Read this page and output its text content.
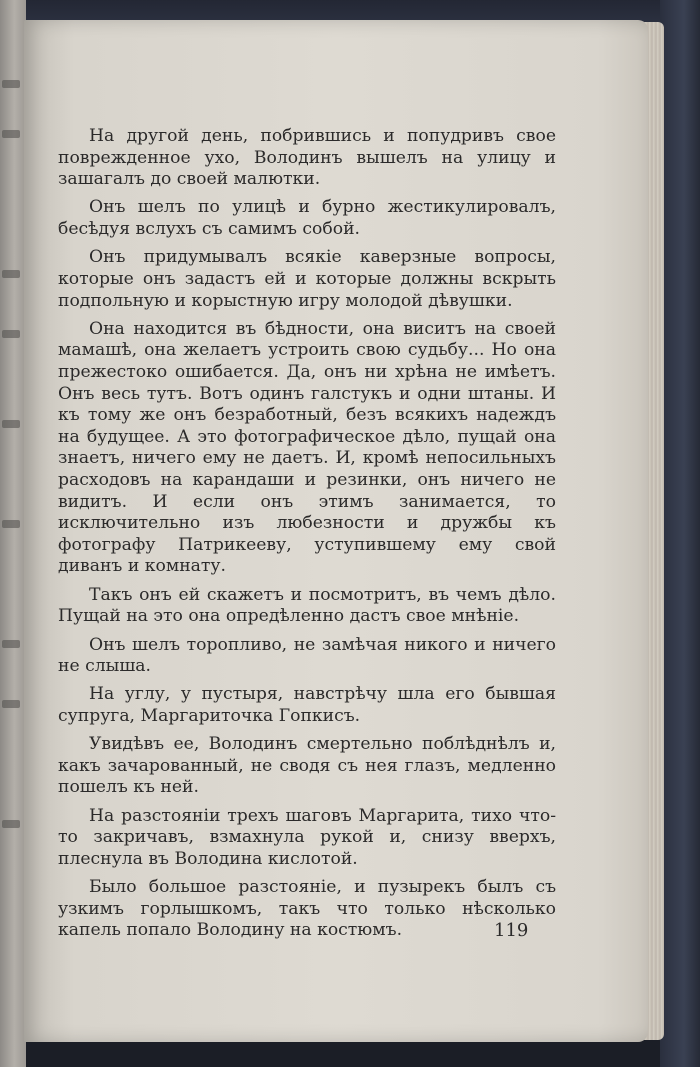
На другой день, побрившись и попудривъ свое поврежденное ухо, Володинъ вышелъ на улицу и зашагалъ до своей малютки.

Онъ шелъ по улицѣ и бурно жестикулировалъ, бесѣдуя вслухъ съ самимъ собой.

Онъ придумывалъ всякіе каверзные вопросы, которые онъ задастъ ей и которые должны вскрыть подпольную и корыстную игру молодой дѣвушки.

Она находится въ бѣдности, она виситъ на своей мамашѣ, она желаетъ устроить свою судьбу... Но она прежестоко ошибается. Да, онъ ни хрѣна не имѣетъ. Онъ весь тутъ. Вотъ одинъ галстукъ и одни штаны. И къ тому же онъ безработный, безъ всякихъ надеждъ на будущее. А это фотографическое дѣло, пущай она знаетъ, ничего ему не даетъ. И, кромѣ непосильныхъ расходовъ на карандаши и резинки, онъ ничего не видитъ. И если онъ этимъ занимается, то исключительно изъ любезности и дружбы къ фотографу Патрикееву, уступившему ему свой диванъ и комнату.

Такъ онъ ей скажетъ и посмотритъ, въ чемъ дѣло. Пущай на это она опредѣленно дастъ свое мнѣніе.

Онъ шелъ торопливо, не замѣчая никого и ничего не слыша.

На углу, у пустыря, навстрѣчу шла его бывшая супруга, Маргариточка Гопкисъ.

Увидѣвъ ее, Володинъ смертельно поблѣднѣлъ и, какъ зачарованный, не сводя съ нея глазъ, медленно пошелъ къ ней.

На разстояніи трехъ шаговъ Маргарита, тихо что-то закричавъ, взмахнула рукой и, снизу вверхъ, плеснула въ Володина кислотой.

Было большое разстояніе, и пузырекъ былъ съ узкимъ горлышкомъ, такъ что только нѣсколько капель попало Володину на костюмъ.	119
